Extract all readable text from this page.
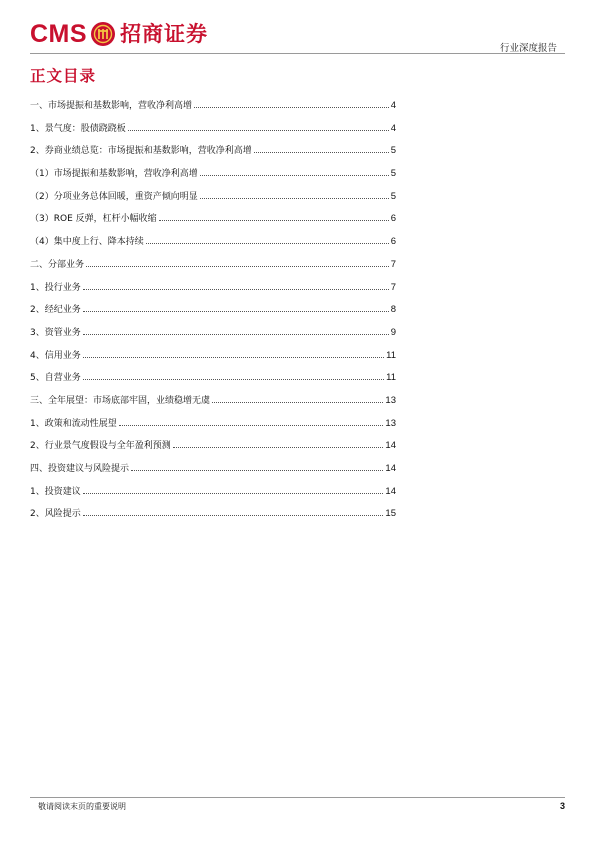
CMS 招商证券
行业深度报告
正文目录
一、市场提振和基数影响，营收净利高增	4
1、景气度：股债跷跷板	4
2、券商业绩总览：市场提振和基数影响，营收净利高增	5
（1）市场提振和基数影响，营收净利高增	5
（2）分项业务总体回暖，重资产倾向明显	5
（3）ROE 反弹，杠杆小幅收缩	6
（4）集中度上行、降本持续	6
二、分部业务	7
1、投行业务	7
2、经纪业务	8
3、资管业务	9
4、信用业务	11
5、自营业务	11
三、全年展望：市场底部牢固，业绩稳增无虞	13
1、政策和流动性展望	13
2、行业景气度假设与全年盈利预测	14
四、投资建议与风险提示	14
1、投资建议	14
2、风险提示	15
敬请阅读末页的重要说明	3
